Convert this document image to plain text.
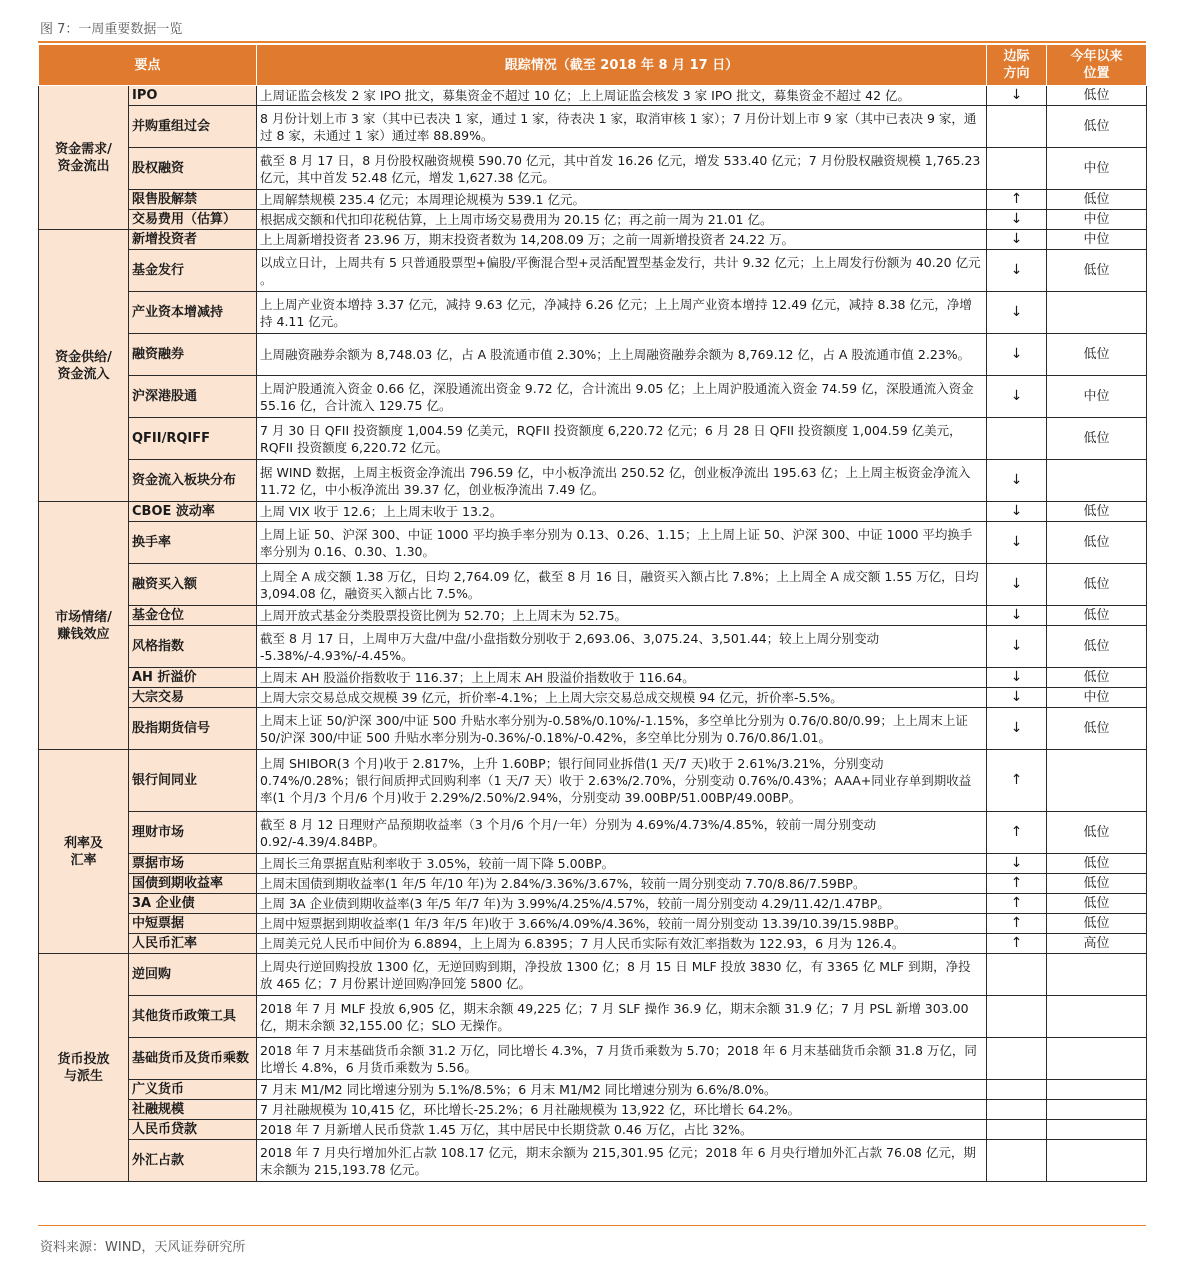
图 7：一周重要数据一览
要点		跟踪情况（截至 2018 年 8 月 17 日）	边际方向	今年以来位置
资金需求/资金流出	IPO	上周证监会核发 2 家 IPO 批文，募集资金不超过 10 亿；上上周证监会核发 3 家 IPO 批文，募集资金不超过 42 亿。	↓	低位
	并购重组过会	8 月份计划上市 3 家（其中已表决 1 家，通过 1 家，待表决 1 家，取消审核 1 家）；7 月份计划上市 9 家（其中已表决 9 家，通过 8 家，未通过 1 家）通过率 88.89%。		低位
	股权融资	截至 8 月 17 日，8 月份股权融资规模 590.70 亿元，其中首发 16.26 亿元，增发 533.40 亿元；7 月份股权融资规模 1,765.23 亿元，其中首发 52.48 亿元，增发 1,627.38 亿元。		中位
	限售股解禁	上周解禁规模 235.4 亿元；本周理论规模为 539.1 亿元。	↑	低位
	交易费用（估算）	根据成交额和代扣印花税估算，上上周市场交易费用为 20.15 亿；再之前一周为 21.01 亿。	↓	中位
资金供给/资金流入	新增投资者	上上周新增投资者 23.96 万，期末投资者数为 14,208.09 万；之前一周新增投资者 24.22 万。	↓	中位
	基金发行	以成立日计，上周共有 5 只普通股票型+偏股/平衡混合型+灵活配置型基金发行，共计 9.32 亿元；上上周发行份额为 40.20 亿元 。	↓	低位
	产业资本增减持	上上周产业资本增持 3.37 亿元，减持 9.63 亿元，净减持 6.26 亿元；上上周产业资本增持 12.49 亿元，减持 8.38 亿元，净增持 4.11 亿元。	↓	
	融资融券	上周融资融券余额为 8,748.03 亿，占 A 股流通市值 2.30%；上上周融资融券余额为 8,769.12 亿，占 A 股流通市值 2.23%。	↓	低位
	沪深港股通	上周沪股通流入资金 0.66 亿，深股通流出资金 9.72 亿，合计流出 9.05 亿；上上周沪股通流入资金 74.59 亿，深股通流入资金 55.16 亿，合计流入 129.75 亿。	↓	中位
	QFII/RQIFF	7 月 30 日 QFII 投资额度 1,004.59 亿美元，RQFII 投资额度 6,220.72 亿元；6 月 28 日 QFII 投资额度 1,004.59 亿美元，RQFII 投资额度 6,220.72 亿元。		低位
	资金流入板块分布	据 WIND 数据，上周主板资金净流出 796.59 亿，中小板净流出 250.52 亿，创业板净流出 195.63 亿；上上周主板资金净流入 11.72 亿，中小板净流出 39.37 亿，创业板净流出 7.49 亿。	↓	
市场情绪/赚钱效应	CBOE 波动率	上周 VIX 收于 12.6；上上周末收于 13.2。	↓	低位
	换手率	上周上证 50、沪深 300、中证 1000 平均换手率分别为 0.13、0.26、1.15；上上周上证 50、沪深 300、中证 1000 平均换手率分别为 0.16、0.30、1.30。	↓	低位
	融资买入额	上周全 A 成交额 1.38 万亿，日均 2,764.09 亿，截至 8 月 16 日，融资买入额占比 7.8%；上上周全 A 成交额 1.55 万亿，日均 3,094.08 亿，融资买入额占比 7.5%。	↓	低位
	基金仓位	上周开放式基金分类股票投资比例为 52.70；上上周末为 52.75。	↓	低位
	风格指数	截至 8 月 17 日，上周申万大盘/中盘/小盘指数分别收于 2,693.06、3,075.24、3,501.44；较上上周分别变动 -5.38%/-4.93%/-4.45%。	↓	低位
	AH 折溢价	上周末 AH 股溢价指数收于 116.37；上上周末 AH 股溢价指数收于 116.64。	↓	低位
	大宗交易	上周大宗交易总成交规模 39 亿元，折价率-4.1%；上上周大宗交易总成交规模 94 亿元，折价率-5.5%。	↓	中位
	股指期货信号	上周末上证 50/沪深 300/中证 500 升贴水率分别为-0.58%/0.10%/-1.15%，多空单比分别为 0.76/0.80/0.99；上上周末上证 50/沪深 300/中证 500 升贴水率分别为-0.36%/-0.18%/-0.42%，多空单比分别为 0.76/0.86/1.01。	↓	低位
利率及汇率	银行间同业	上周 SHIBOR(3 个月)收于 2.817%，上升 1.60BP；银行间同业拆借(1 天/7 天)收于 2.61%/3.21%，分别变动 0.74%/0.28%；银行间质押式回购利率（1 天/7 天）收于 2.63%/2.70%，分别变动 0.76%/0.43%；AAA+同业存单到期收益率(1 个月/3 个月/6 个月)收于 2.29%/2.50%/2.94%，分别变动 39.00BP/51.00BP/49.00BP。	↑	
	理财市场	截至 8 月 12 日理财产品预期收益率（3 个月/6 个月/一年）分别为 4.69%/4.73%/4.85%，较前一周分别变动 0.92/-4.39/4.84BP。	↑	低位
	票据市场	上周长三角票据直贴利率收于 3.05%，较前一周下降 5.00BP。	↓	低位
	国债到期收益率	上周末国债到期收益率(1 年/5 年/10 年)为 2.84%/3.36%/3.67%，较前一周分别变动 7.70/8.86/7.59BP。	↑	低位
	3A 企业债	上周 3A 企业债到期收益率(3 年/5 年/7 年)为 3.99%/4.25%/4.57%，较前一周分别变动 4.29/11.42/1.47BP。	↑	低位
	中短票据	上周中短票据到期收益率(1 年/3 年/5 年)收于 3.66%/4.09%/4.36%，较前一周分别变动 13.39/10.39/15.98BP。	↑	低位
	人民币汇率	上周美元兑人民币中间价为 6.8894，上上周为 6.8395；7 月人民币实际有效汇率指数为 122.93，6 月为 126.4。	↑	高位
货币投放与派生	逆回购	上周央行逆回购投放 1300 亿，无逆回购到期，净投放 1300 亿；8 月 15 日 MLF 投放 3830 亿，有 3365 亿 MLF 到期，净投放 465 亿；7 月份累计逆回购净回笼 5800 亿。		
	其他货币政策工具	2018 年 7 月 MLF 投放 6,905 亿，期末余额 49,225 亿；7 月 SLF 操作 36.9 亿，期末余额 31.9 亿；7 月 PSL 新增 303.00 亿，期末余额 32,155.00 亿；SLO 无操作。		
	基础货币及货币乘数	2018 年 7 月末基础货币余额 31.2 万亿，同比增长 4.3%，7 月货币乘数为 5.70；2018 年 6 月末基础货币余额 31.8 万亿，同比增长 4.8%，6 月货币乘数为 5.56。		
	广义货币	7 月末 M1/M2 同比增速分别为 5.1%/8.5%；6 月末 M1/M2 同比增速分别为 6.6%/8.0%。		
	社融规模	7 月社融规模为 10,415 亿，环比增长-25.2%；6 月社融规模为 13,922 亿，环比增长 64.2%。		
	人民币贷款	2018 年 7 月新增人民币贷款 1.45 万亿，其中居民中长期贷款 0.46 万亿，占比 32%。		
	外汇占款	2018 年 7 月央行增加外汇占款 108.17 亿元，期末余额为 215,301.95 亿元；2018 年 6 月央行增加外汇占款 76.08 亿元，期末余额为 215,193.78 亿元。		
资料来源：WIND，天风证券研究所
